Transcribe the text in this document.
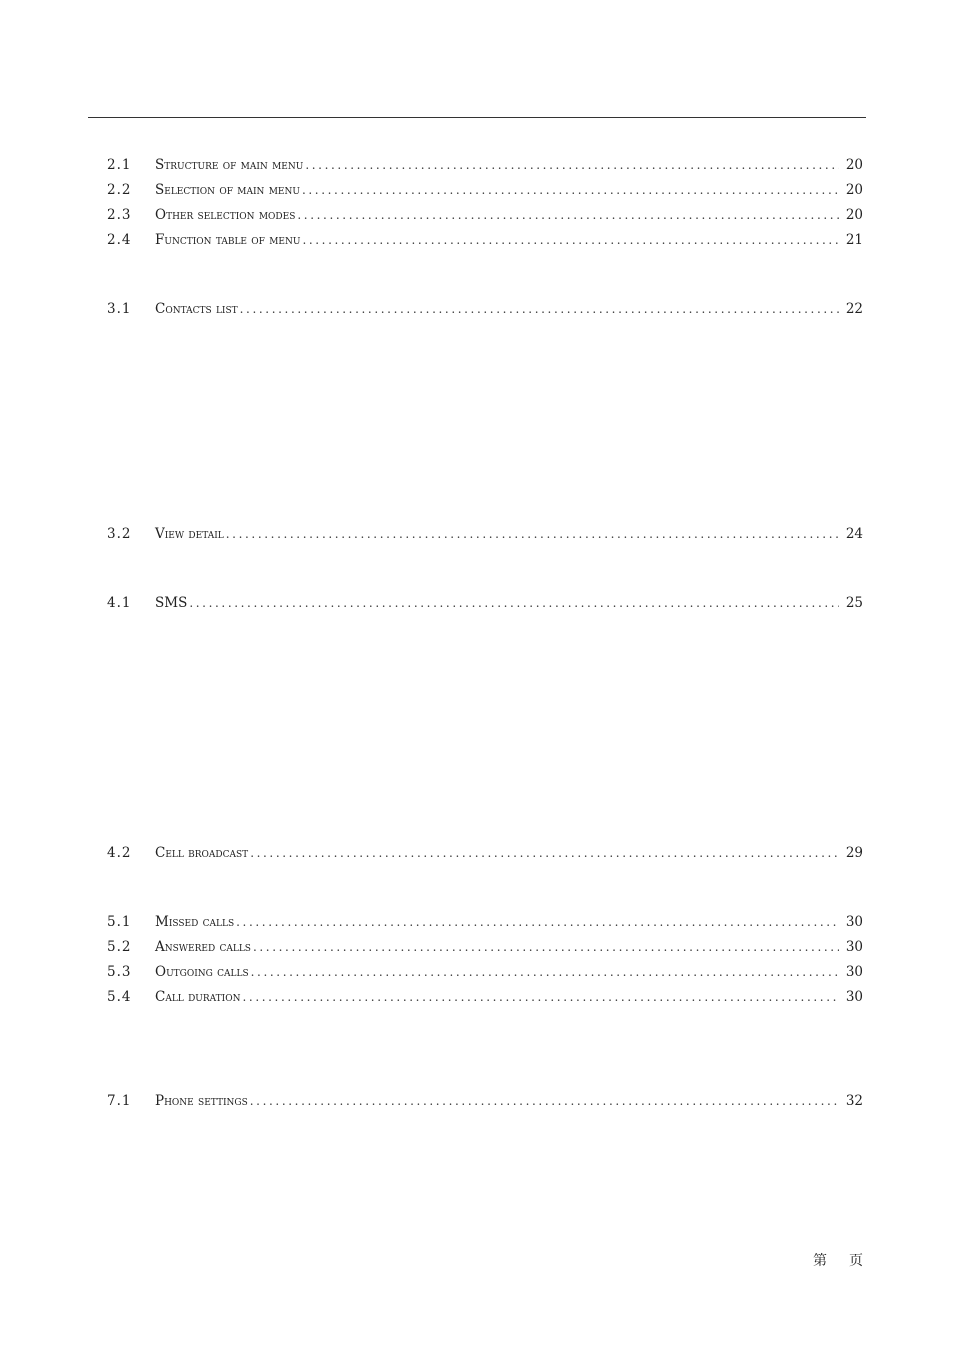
2.1	Structure of main menu .....	20
2.2	Selection of main menu .....	20
2.3	Other selection modes .....	20
2.4	Function table of menu .....	21
3.1	Contacts list .....	22
3.2	View detail .....	24
4.1	SMS .....	25
4.2	Cell broadcast .....	29
5.1	Missed calls .....	30
5.2	Answered calls .....	30
5.3	Outgoing calls .....	30
5.4	Call duration .....	30
7.1	Phone settings .....	32
第 页
